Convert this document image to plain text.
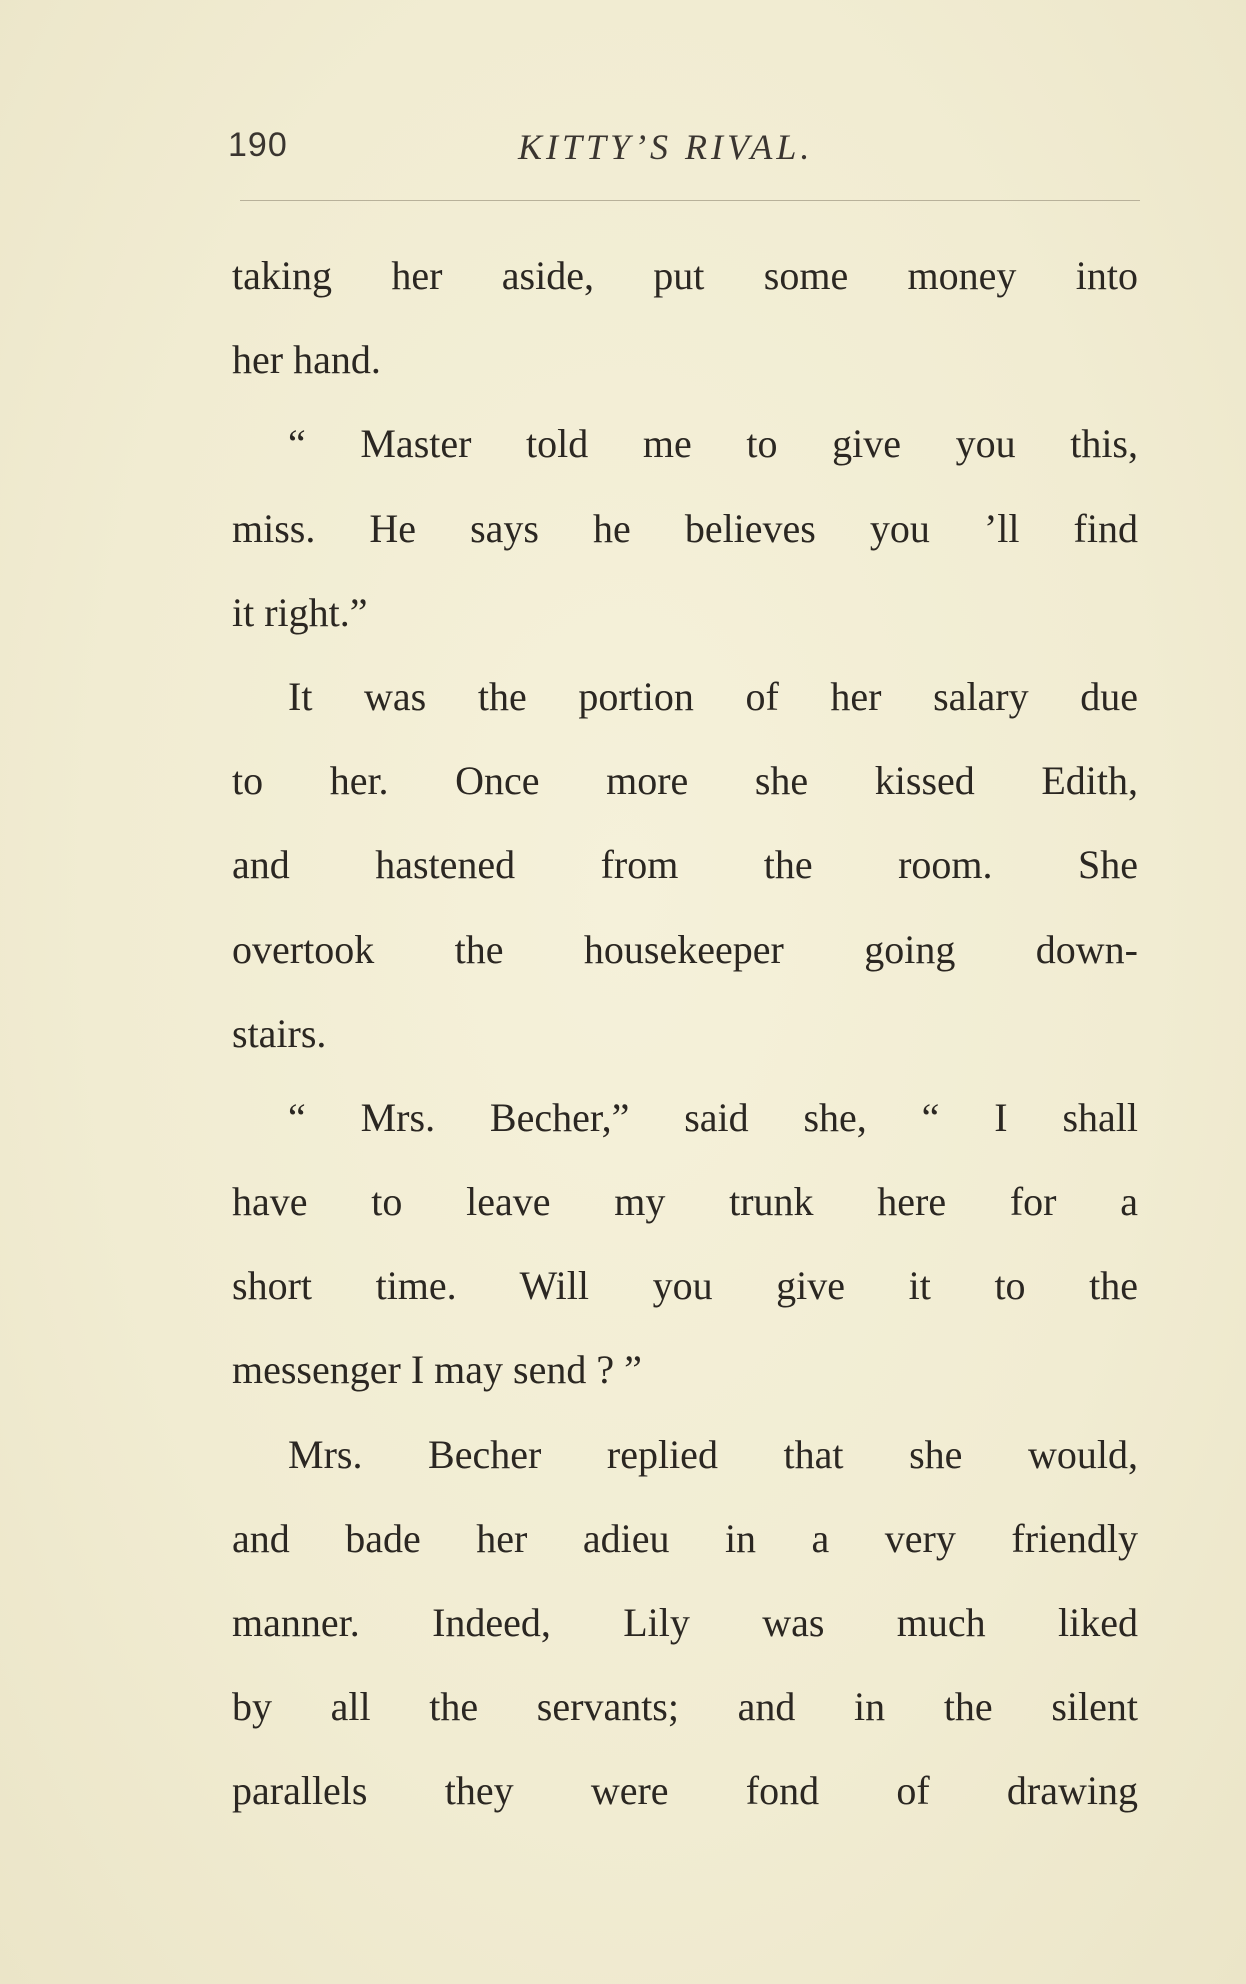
190	KITTY’S RIVAL.
taking her aside, put some money into
her hand.
“ Master told me to give you this,
miss. He says he believes you ’ll find
it right.”
It was the portion of her salary due
to her. Once more she kissed Edith,
and hastened from the room. She
overtook the housekeeper going down-
stairs.
“ Mrs. Becher,” said she, “ I shall
have to leave my trunk here for a
short time. Will you give it to the
messenger I may send ? ”
Mrs. Becher replied that she would,
and bade her adieu in a very friendly
manner. Indeed, Lily was much liked
by all the servants; and in the silent
parallels they were fond of drawing
